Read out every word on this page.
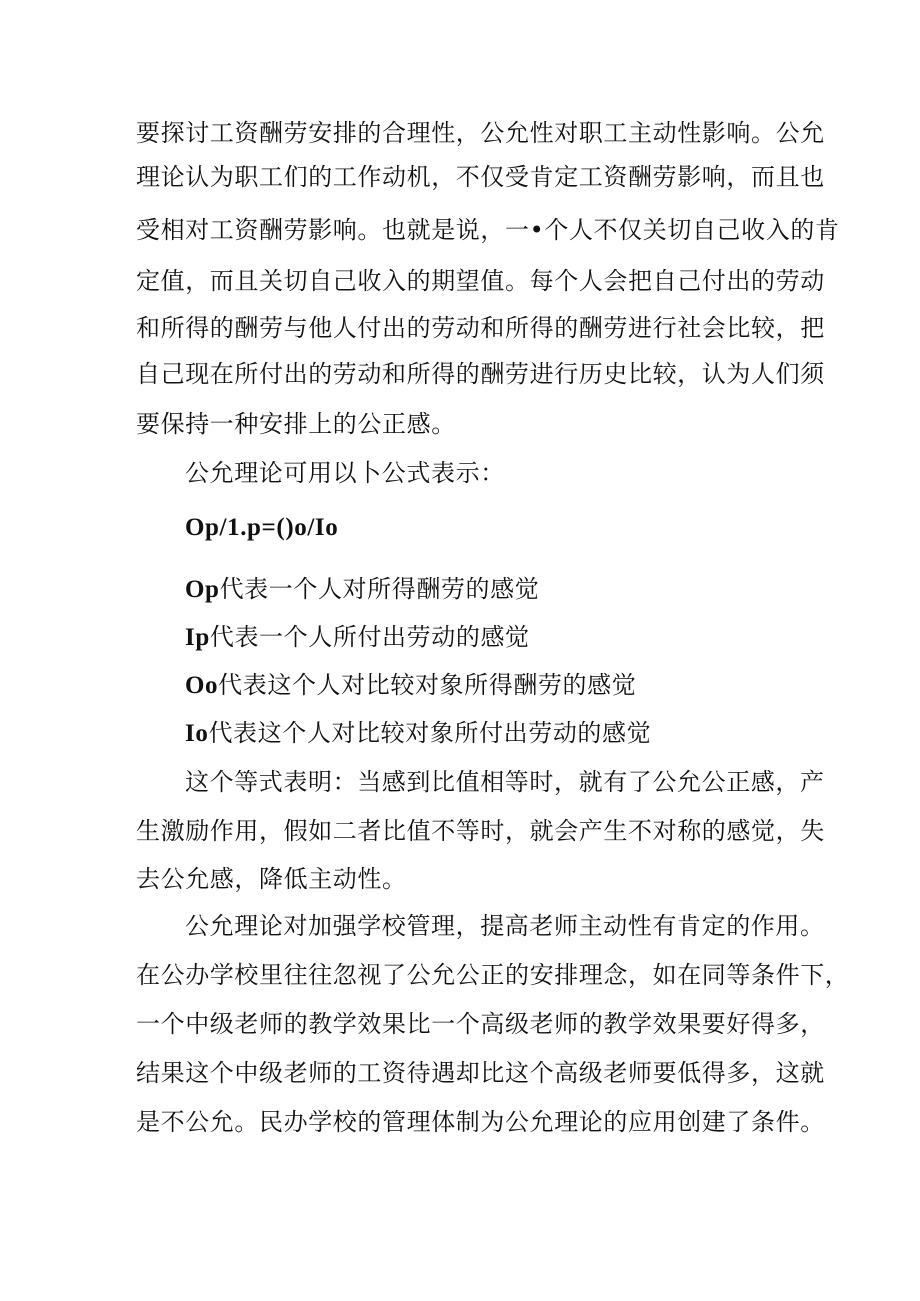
要探讨工资酬劳安排的合理性，公允性对职工主动性影响。公允
理论认为职工们的工作动机，不仅受肯定工资酬劳影响，而且也
受相对工资酬劳影响。也就是说，一•个人不仅关切自己收入的肯
定值，而且关切自己收入的期望值。每个人会把自己付出的劳动
和所得的酬劳与他人付出的劳动和所得的酬劳进行社会比较，把
自己现在所付出的劳动和所得的酬劳进行历史比较，认为人们须
要保持一种安排上的公正感。
公允理论可用以卜公式表示：
Op/1.p=()o/Io
Op代表一个人对所得酬劳的感觉
Ip代表一个人所付出劳动的感觉
Oo代表这个人对比较对象所得酬劳的感觉
Io代表这个人对比较对象所付出劳动的感觉
这个等式表明：当感到比值相等时，就有了公允公正感，产
生激励作用，假如二者比值不等时，就会产生不对称的感觉，失
去公允感，降低主动性。
公允理论对加强学校管理，提高老师主动性有肯定的作用。
在公办学校里往往忽视了公允公正的安排理念，如在同等条件下，
一个中级老师的教学效果比一个高级老师的教学效果要好得多，
结果这个中级老师的工资待遇却比这个高级老师要低得多，这就
是不公允。民办学校的管理体制为公允理论的应用创建了条件。
